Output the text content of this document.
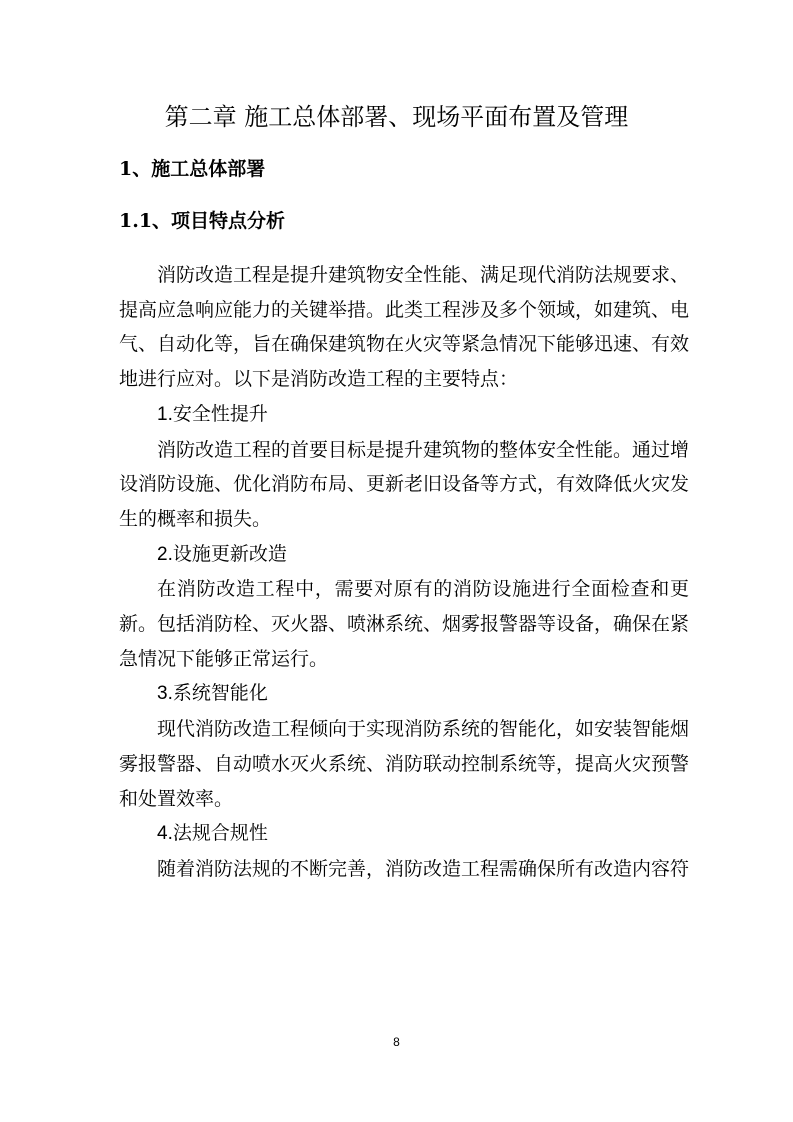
第二章 施工总体部署、现场平面布置及管理
1、施工总体部署
1.1、项目特点分析

消防改造工程是提升建筑物安全性能、满足现代消防法规要求、提高应急响应能力的关键举措。此类工程涉及多个领域，如建筑、电气、自动化等，旨在确保建筑物在火灾等紧急情况下能够迅速、有效地进行应对。以下是消防改造工程的主要特点：

1.安全性提升

消防改造工程的首要目标是提升建筑物的整体安全性能。通过增设消防设施、优化消防布局、更新老旧设备等方式，有效降低火灾发生的概率和损失。

2.设施更新改造

在消防改造工程中，需要对原有的消防设施进行全面检查和更新。包括消防栓、灭火器、喷淋系统、烟雾报警器等设备，确保在紧急情况下能够正常运行。

3.系统智能化

现代消防改造工程倾向于实现消防系统的智能化，如安装智能烟雾报警器、自动喷水灭火系统、消防联动控制系统等，提高火灾预警和处置效率。

4.法规合规性

随着消防法规的不断完善，消防改造工程需确保所有改造内容符

8
